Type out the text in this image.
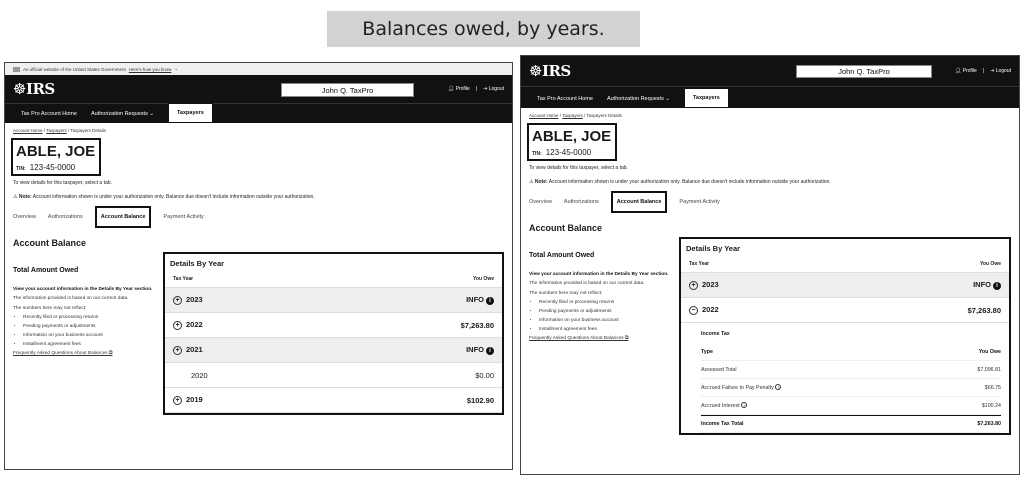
Balances owed, by years.
An official website of the United States Government Here's how you know ⌄
☸IRS	John Q. TaxPro	👤︎ Profile | ⇥ Logout
Tax Pro Account Home	Authorization Requests ⌄	Taxpayers
Account Home / Taxpayers / Taxpayers Details
ABLE, JOE
TIN: 123-45-0000
To view details for this taxpayer, select a tab.
⚠ Note: Account information shown is under your authorization only. Balance due doesn't include information outside your authorization.
Overview Authorizations	Account Balance	Payment Activity
Account Balance
Total Amount Owed
View your account information in the Details By Year section.
The information provided is based on our current data.
The numbers here may not reflect:
• Recently filed or processing returns
• Pending payments or adjustments
• Information on your business account
• Installment agreement fees
Frequently Asked Questions About Balances ⧉
Details By Year
Tax Year	You Owe
+ 2023	INFO i
+ 2022	$7,263.80
+ 2021	INFO i
2020	$0.00
+ 2019	$102.90
☸IRS	John Q. TaxPro	👤︎ Profile | ⇥ Logout
Tax Pro Account Home	Authorization Requests ⌄	Taxpayers
Account Home / Taxpayers / Taxpayers Details
ABLE, JOE
TIN: 123-45-0000
To view details for this taxpayer, select a tab.
⚠ Note: Account information shown is under your authorization only. Balance due doesn't include information outside your authorization.
Overview Authorizations	Account Balance	Payment Activity
Account Balance
Total Amount Owed
View your account information in the Details By Year section.
The information provided is based on our current data.
The numbers here may not reflect:
• Recently filed or processing returns
• Pending payments or adjustments
• Information on your business account
• Installment agreement fees
Frequently Asked Questions About Balances ⧉
Details By Year
Tax Year	You Owe
+ 2023	INFO i
− 2022	$7,263.80
Income Tax
Type	You Owe
Assessed Total	$7,096.81
Accrued Failure to Pay Penalty ?	$66.75
Accrued Interest ?	$100.24
Income Tax Total	$7,263.80
